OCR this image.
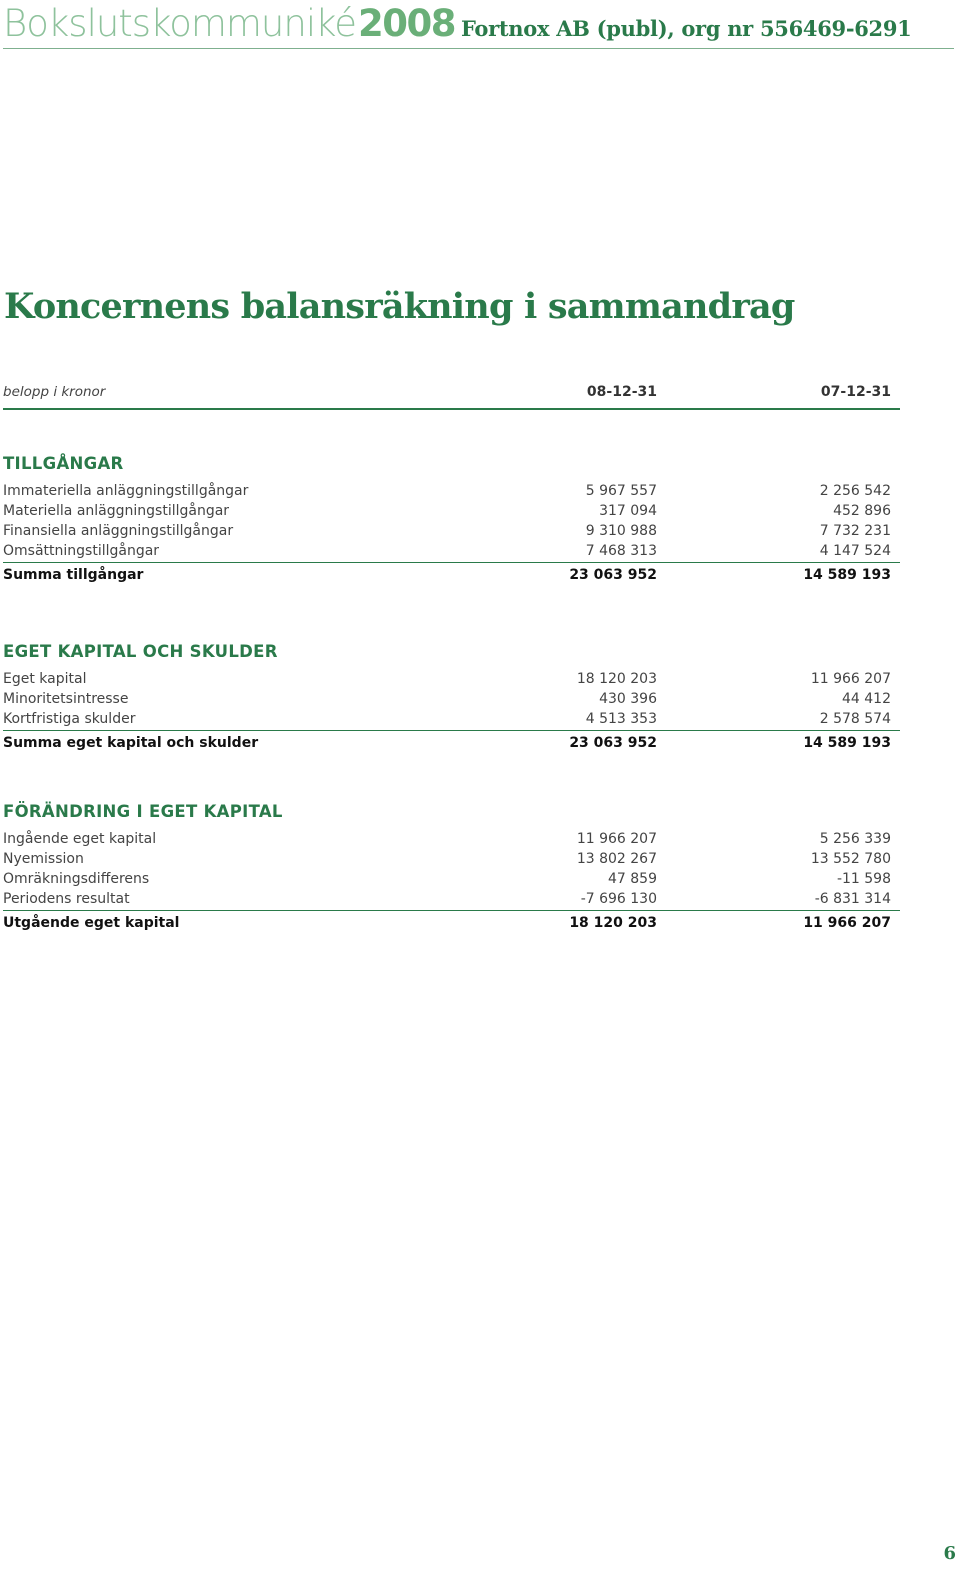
Bokslutskommuniké2008 Fortnox AB (publ), org nr 556469-6291
Koncernens balansräkning i sammandrag
belopp i kronor	08-12-31	07-12-31
TILLGÅNGAR
Immateriella anläggningstillgångar	5 967 557	2 256 542
Materiella anläggningstillgångar	317 094	452 896
Finansiella anläggningstillgångar	9 310 988	7 732 231
Omsättningstillgångar	7 468 313	4 147 524
Summa tillgångar	23 063 952	14 589 193
EGET KAPITAL OCH SKULDER
Eget kapital	18 120 203	11 966 207
Minoritetsintresse	430 396	44 412
Kortfristiga skulder	4 513 353	2 578 574
Summa eget kapital och skulder	23 063 952	14 589 193
FÖRÄNDRING I EGET KAPITAL
Ingående eget kapital	11 966 207	5 256 339
Nyemission	13 802 267	13 552 780
Omräkningsdifferens	47 859	-11 598
Periodens resultat	-7 696 130	-6 831 314
Utgående eget kapital	18 120 203	11 966 207
6
